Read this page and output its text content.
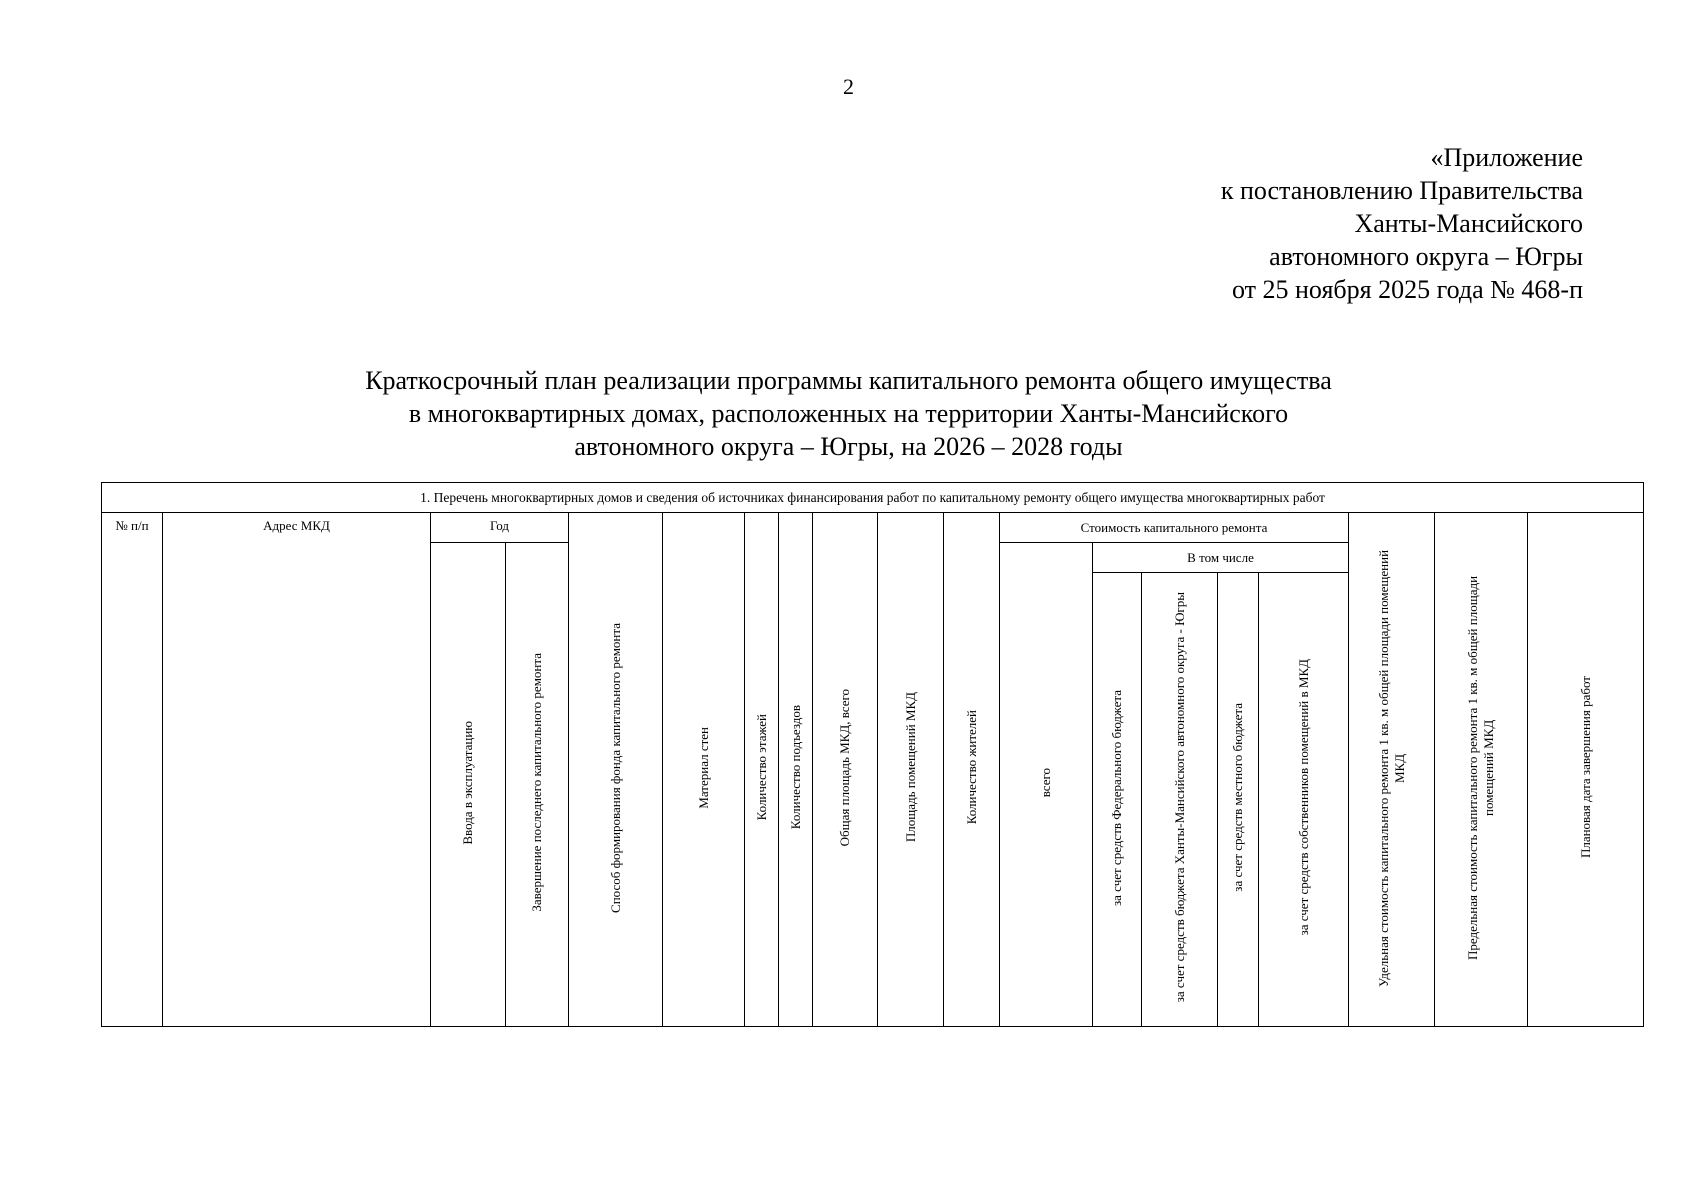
2
«Приложение
к постановлению Правительства
Ханты-Мансийского
автономного округа – Югры
от 25 ноября 2025 года № 468-п
Краткосрочный план реализации программы капитального ремонта общего имущества
в многоквартирных домах, расположенных на территории Ханты-Мансийского
автономного округа – Югры, на 2026 – 2028 годы
1. Перечень многоквартирных домов и сведения об источниках финансирования работ по капитальному ремонту общего имущества многоквартирных работ																		
№ п/п	Адрес МКД	Год		Способ формирования фонда капитального ремонта	Материал стен	Количество этажей	Количество подъездов	Общая площадь МКД, всего	Площадь помещений МКД	Количество жителей	Стоимость капитального ремонта					Удельная стоимость капитального ремонта 1 кв. м общей площади помещений МКД	Предельная стоимость капитального ремонта 1 кв. м общей площади помещений МКД	Плановая дата завершения работ
		Ввода в эксплуатацию	Завершение последнего капитального ремонта								всего	В том числе						
												за счет средств Федерального бюджета	за счет средств бюджета Ханты-Мансийского автономного округа - Югры	за счет средств местного бюджета	за счет средств собственников помещений в МКД			
